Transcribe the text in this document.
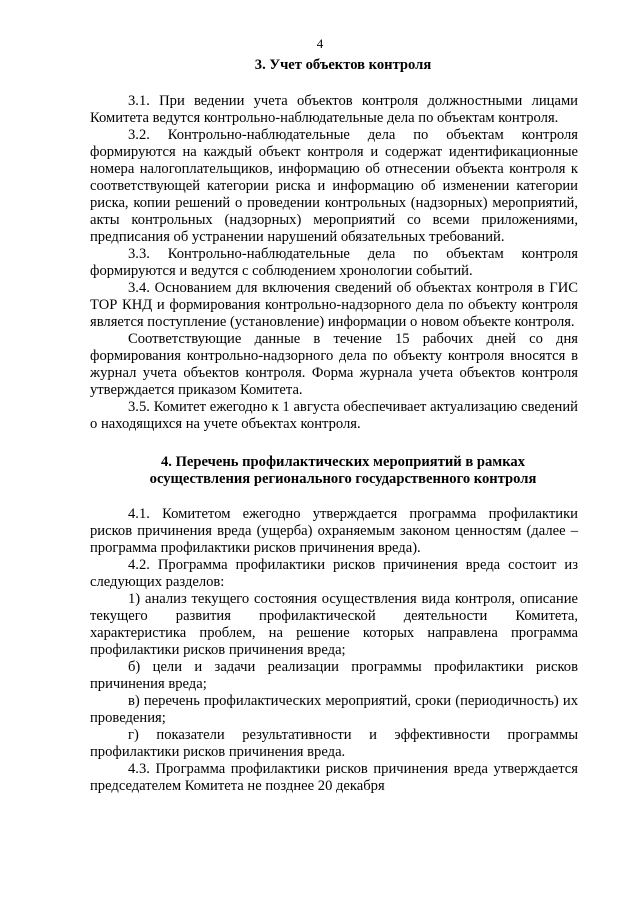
4
3. Учет объектов контроля

3.1. При ведении учета объектов контроля должностными лицами Комитета ведутся контрольно-наблюдательные дела по объектам контроля.

3.2. Контрольно-наблюдательные дела по объектам контроля формируются на каждый объект контроля и содержат идентификационные номера налогоплательщиков, информацию об отнесении объекта контроля к соответствующей категории риска и информацию об изменении категории риска, копии решений о проведении контрольных (надзорных) мероприятий, акты контрольных (надзорных) мероприятий со всеми приложениями, предписания об устранении нарушений обязательных требований.

3.3. Контрольно-наблюдательные дела по объектам контроля формируются и ведутся с соблюдением хронологии событий.

3.4. Основанием для включения сведений об объектах контроля в ГИС ТОР КНД и формирования контрольно-надзорного дела по объекту контроля является поступление (установление) информации о новом объекте контроля.

Соответствующие данные в течение 15 рабочих дней со дня формирования контрольно-надзорного дела по объекту контроля вносятся в журнал учета объектов контроля. Форма журнала учета объектов контроля утверждается приказом Комитета.

3.5. Комитет ежегодно к 1 августа обеспечивает актуализацию сведений о находящихся на учете объектах контроля.

4. Перечень профилактических мероприятий в рамках
осуществления регионального государственного контроля

4.1. Комитетом ежегодно утверждается программа профилактики рисков причинения вреда (ущерба) охраняемым законом ценностям (далее – программа профилактики рисков причинения вреда).

4.2. Программа профилактики рисков причинения вреда состоит из следующих разделов:

1) анализ текущего состояния осуществления вида контроля, описание текущего развития профилактической деятельности Комитета, характеристика проблем, на решение которых направлена программа профилактики рисков причинения вреда;

б) цели и задачи реализации программы профилактики рисков причинения вреда;

в) перечень профилактических мероприятий, сроки (периодичность) их проведения;

г) показатели результативности и эффективности программы профилактики рисков причинения вреда.

4.3. Программа профилактики рисков причинения вреда утверждается председателем Комитета не позднее 20 декабря
